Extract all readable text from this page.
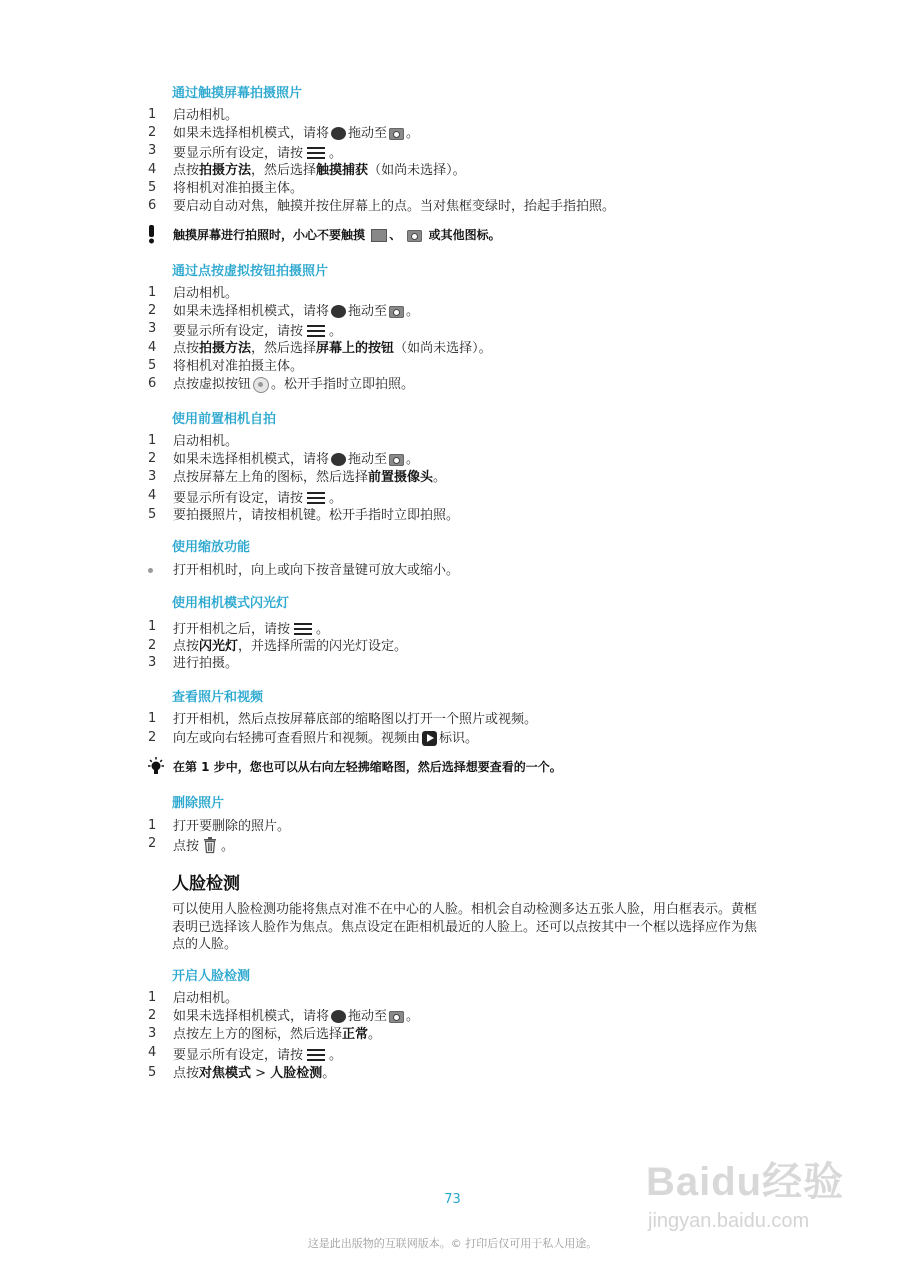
通过触摸屏幕拍摄照片
1	启动相机。
2	如果未选择相机模式，请将 拖动至 。
3	要显示所有设定，请按 。
4	点按拍摄方法，然后选择触摸捕获（如尚未选择）。
5	将相机对准拍摄主体。
6	要启动自动对焦，触摸并按住屏幕上的点。当对焦框变绿时，抬起手指拍照。
触摸屏幕进行拍照时，小心不要触摸 、 或其他图标。
通过点按虚拟按钮拍摄照片
1	启动相机。
2	如果未选择相机模式，请将 拖动至 。
3	要显示所有设定，请按 。
4	点按拍摄方法，然后选择屏幕上的按钮（如尚未选择）。
5	将相机对准拍摄主体。
6	点按虚拟按钮 。松开手指时立即拍照。
使用前置相机自拍
1	启动相机。
2	如果未选择相机模式，请将 拖动至 。
3	点按屏幕左上角的图标，然后选择前置摄像头。
4	要显示所有设定，请按 。
5	要拍摄照片，请按相机键。松开手指时立即拍照。
使用缩放功能
打开相机时，向上或向下按音量键可放大或缩小。
使用相机模式闪光灯
1	打开相机之后，请按 。
2	点按闪光灯，并选择所需的闪光灯设定。
3	进行拍摄。
查看照片和视频
1	打开相机，然后点按屏幕底部的缩略图以打开一个照片或视频。
2	向左或向右轻拂可查看照片和视频。视频由 标识。
在第 1 步中，您也可以从右向左轻拂缩略图，然后选择想要查看的一个。
删除照片
1	打开要删除的照片。
2	点按 。
人脸检测
可以使用人脸检测功能将焦点对准不在中心的人脸。相机会自动检测多达五张人脸，用白框表示。黄框表明已选择该人脸作为焦点。焦点设定在距相机最近的人脸上。还可以点按其中一个框以选择应作为焦点的人脸。
开启人脸检测
1	启动相机。
2	如果未选择相机模式，请将 拖动至 。
3	点按左上方的图标，然后选择正常。
4	要显示所有设定，请按 。
5	点按对焦模式 > 人脸检测。
73
这是此出版物的互联网版本。© 打印后仅可用于私人用途。
Baidu经验
jingyan.baidu.com
